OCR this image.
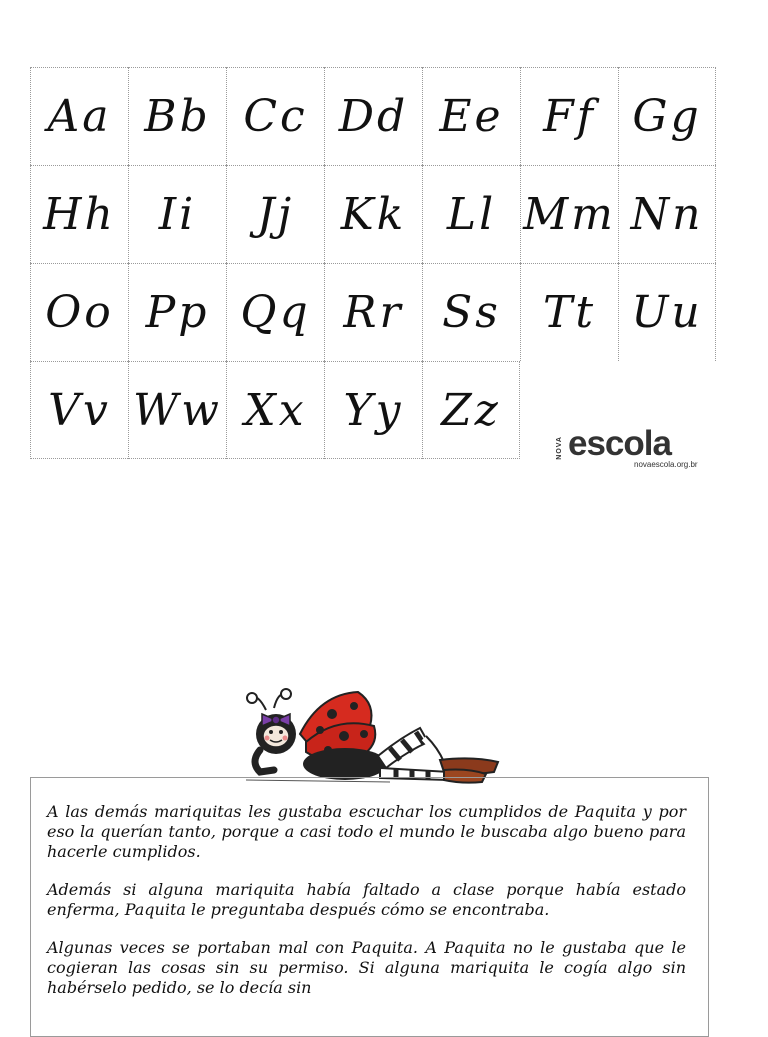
Aa Bb Cc Dd Ee Ff Gg
Hh Ii	Jj	Kk Ll Mm Nn
Oo Pp Qq Rr Ss Tt Uu
Vv Ww Xx Yy Zz
NOVA escola
novaescola.org.br

A las demás mariquitas les gustaba escuchar los cumplidos de Paquita y por eso la querían tanto, porque a casi todo el mundo le buscaba algo bueno para hacerle cumplidos.

Además si alguna mariquita había faltado a clase porque había estado enferma, Paquita le preguntaba después cómo se encontraba.

Algunas veces se portaban mal con Paquita. A Paquita no le gustaba que le cogieran las cosas sin su permiso. Si alguna mariquita le cogía algo sin habérselo pedido, se lo decía sin
